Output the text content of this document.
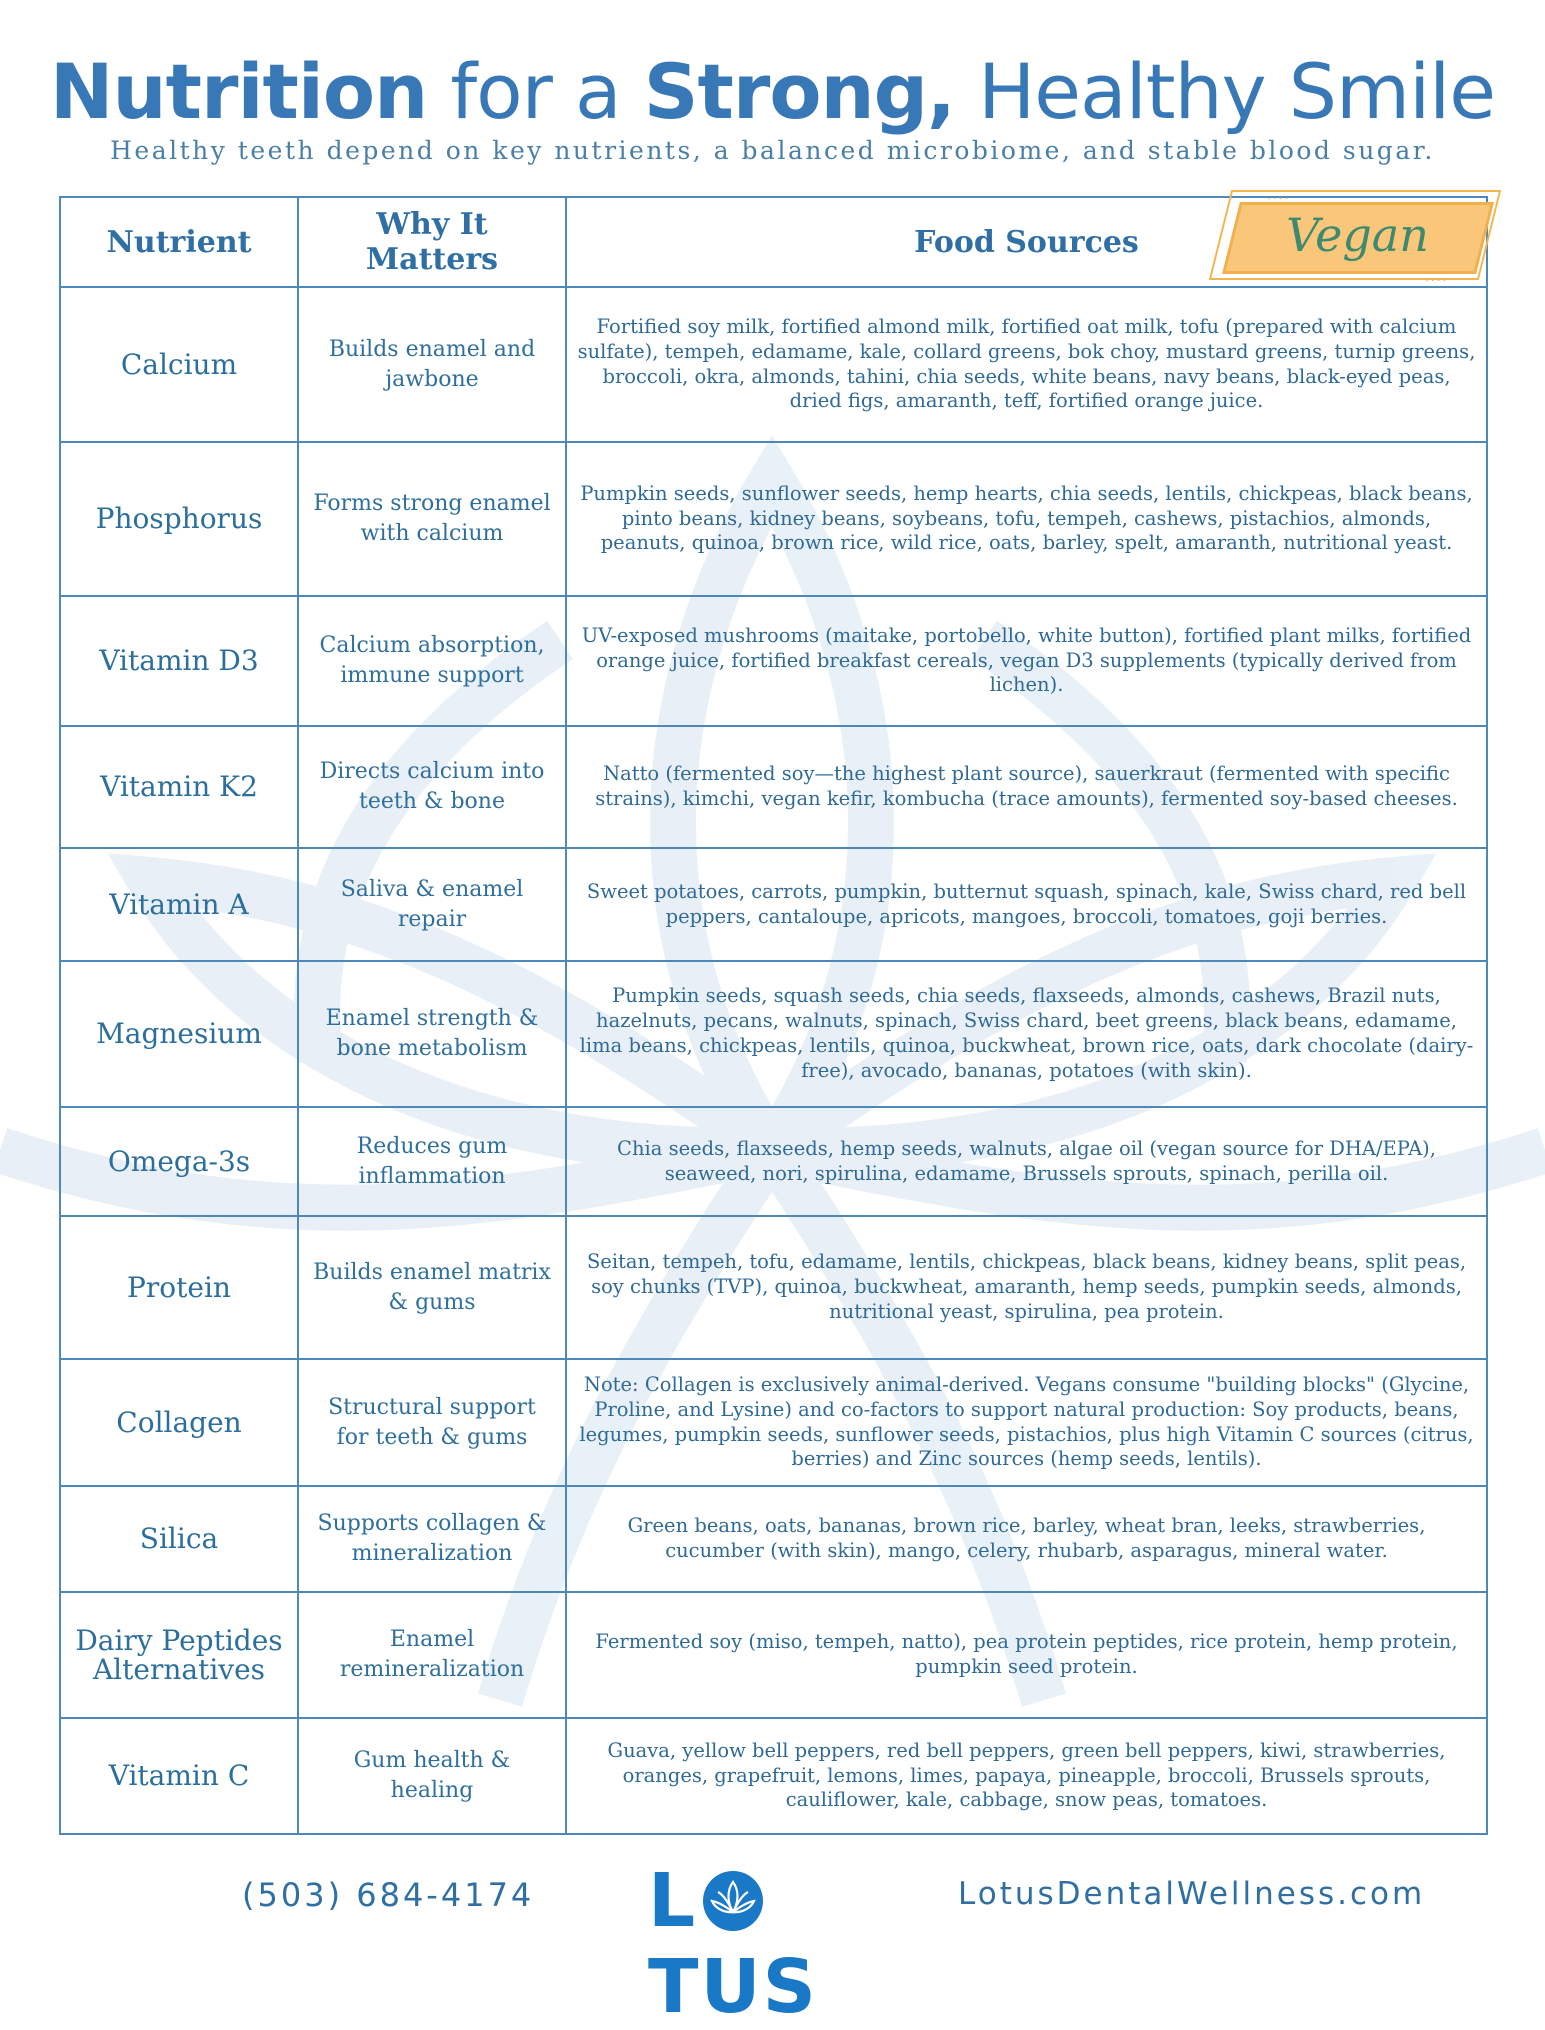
Nutrition for a Strong, Healthy Smile
Healthy teeth depend on key nutrients, a balanced microbiome, and stable blood sugar.
Nutrient	Why It Matters	Food Sources
Calcium	Builds enamel and jawbone	Fortified soy milk, fortified almond milk, fortified oat milk, tofu (prepared with calcium sulfate), tempeh, edamame, kale, collard greens, bok choy, mustard greens, turnip greens, broccoli, okra, almonds, tahini, chia seeds, white beans, navy beans, black-eyed peas, dried figs, amaranth, teff, fortified orange juice.
Phosphorus	Forms strong enamel with calcium	Pumpkin seeds, sunflower seeds, hemp hearts, chia seeds, lentils, chickpeas, black beans, pinto beans, kidney beans, soybeans, tofu, tempeh, cashews, pistachios, almonds, peanuts, quinoa, brown rice, wild rice, oats, barley, spelt, amaranth, nutritional yeast.
Vitamin D3	Calcium absorption, immune support	UV-exposed mushrooms (maitake, portobello, white button), fortified plant milks, fortified orange juice, fortified breakfast cereals, vegan D3 supplements (typically derived from lichen).
Vitamin K2	Directs calcium into teeth & bone	Natto (fermented soy—the highest plant source), sauerkraut (fermented with specific strains), kimchi, vegan kefir, kombucha (trace amounts), fermented soy-based cheeses.
Vitamin A	Saliva & enamel repair	Sweet potatoes, carrots, pumpkin, butternut squash, spinach, kale, Swiss chard, red bell peppers, cantaloupe, apricots, mangoes, broccoli, tomatoes, goji berries.
Magnesium	Enamel strength & bone metabolism	Pumpkin seeds, squash seeds, chia seeds, flaxseeds, almonds, cashews, Brazil nuts, hazelnuts, pecans, walnuts, spinach, Swiss chard, beet greens, black beans, edamame, lima beans, chickpeas, lentils, quinoa, buckwheat, brown rice, oats, dark chocolate (dairy-free), avocado, bananas, potatoes (with skin).
Omega-3s	Reduces gum inflammation	Chia seeds, flaxseeds, hemp seeds, walnuts, algae oil (vegan source for DHA/EPA), seaweed, nori, spirulina, edamame, Brussels sprouts, spinach, perilla oil.
Protein	Builds enamel matrix & gums	Seitan, tempeh, tofu, edamame, lentils, chickpeas, black beans, kidney beans, split peas, soy chunks (TVP), quinoa, buckwheat, amaranth, hemp seeds, pumpkin seeds, almonds, nutritional yeast, spirulina, pea protein.
Collagen	Structural support for teeth & gums	Note: Collagen is exclusively animal-derived. Vegans consume "building blocks" (Glycine, Proline, and Lysine) and co-factors to support natural production: Soy products, beans, legumes, pumpkin seeds, sunflower seeds, pistachios, plus high Vitamin C sources (citrus, berries) and Zinc sources (hemp seeds, lentils).
Silica	Supports collagen & mineralization	Green beans, oats, bananas, brown rice, barley, wheat bran, leeks, strawberries, cucumber (with skin), mango, celery, rhubarb, asparagus, mineral water.
Dairy Peptides Alternatives	Enamel remineralization	Fermented soy (miso, tempeh, natto), pea protein peptides, rice protein, hemp protein, pumpkin seed protein.
Vitamin C	Gum health & healing	Guava, yellow bell peppers, red bell peppers, green bell peppers, kiwi, strawberries, oranges, grapefruit, lemons, limes, papaya, pineapple, broccoli, Brussels sprouts, cauliflower, kale, cabbage, snow peas, tomatoes.
....
....
Vegan
(503) 684-4174 LTUS
LotusDentalWellness.com
